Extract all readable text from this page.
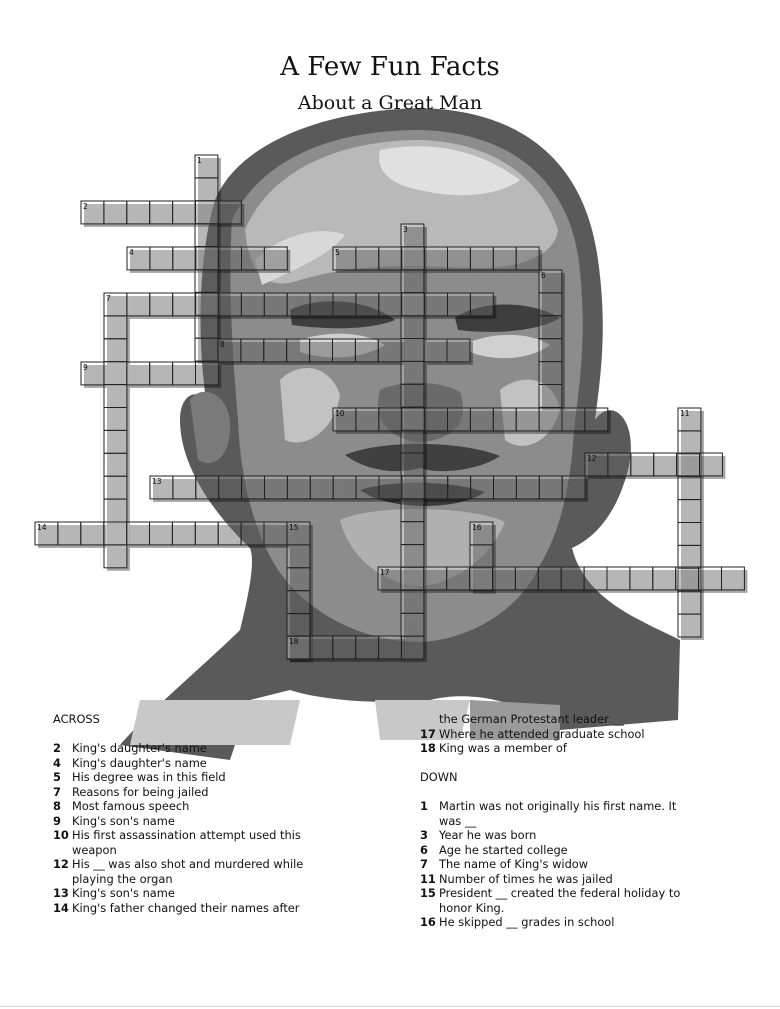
A Few Fun Facts
About a Great Man
1
2
3
4	5
6
7
8
9
10	11
12
13
14	15	16
17
18
ACROSS
2 King's daughter's name
4 King's daughter's name
5 His degree was in this field
7 Reasons for being jailed
8 Most famous speech
9 King's son's name
10 His first assassination attempt used this
weapon
12 His __ was also shot and murdered while
playing the organ
13 King's son's name
14 King's father changed their names after
the German Protestant leader __
17 Where he attended graduate school
18 King was a member of
DOWN
1 Martin was not originally his first name. It
was __
3 Year he was born
6 Age he started college
7 The name of King's widow
11 Number of times he was jailed
15 President __ created the federal holiday to
honor King.
16 He skipped __ grades in school
